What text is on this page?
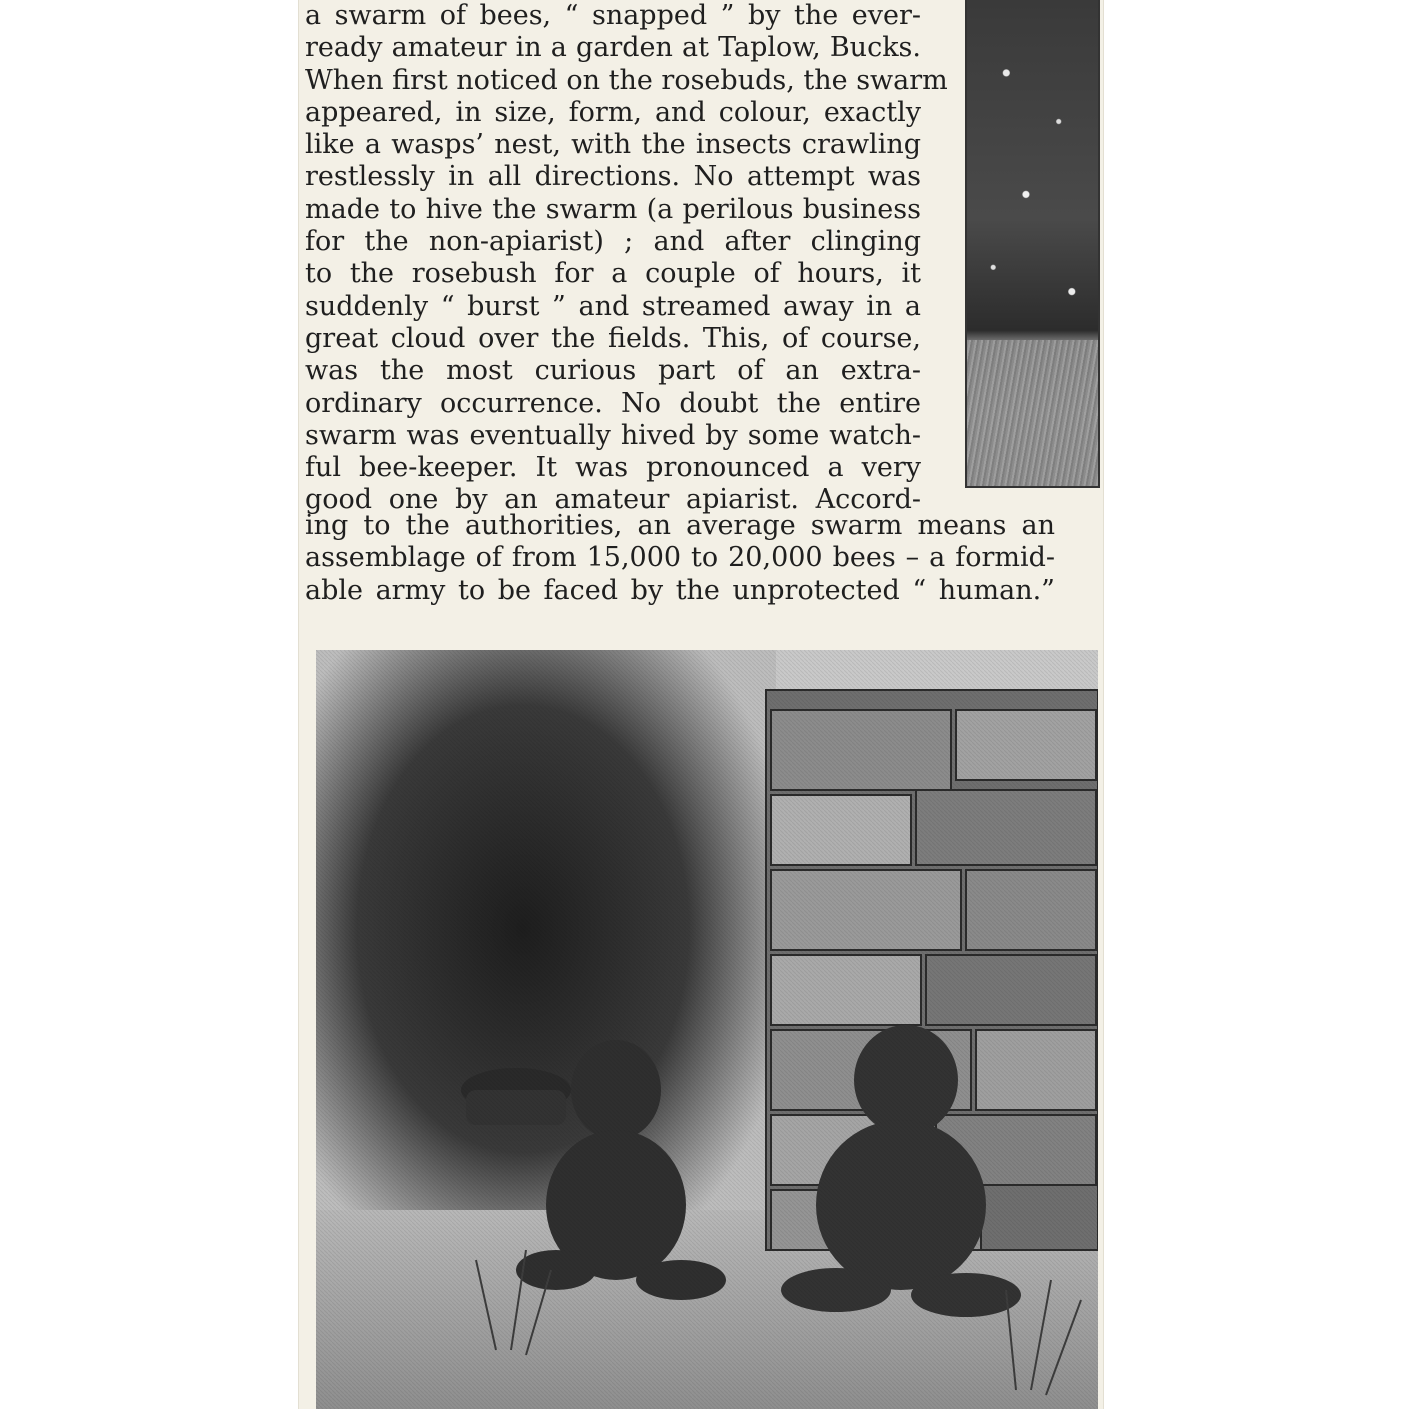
a swarm of bees, “ snapped ” by the ever-
ready amateur in a garden at Taplow, Bucks.
When first noticed on the rosebuds, the swarm
appeared, in size, form, and colour, exactly
like a wasps’ nest, with the insects crawling
restlessly in all directions. No attempt was
made to hive the swarm (a perilous business
for the non-apiarist) ; and after clinging
to the rosebush for a couple of hours, it
suddenly “ burst ” and streamed away in a
great cloud over the fields. This, of course,
was the most curious part of an extra-
ordinary occurrence. No doubt the entire
swarm was eventually hived by some watch-
ful bee-keeper. It was pronounced a very
good one by an amateur apiarist. Accord-
ing to the authorities, an average swarm means an
assemblage of from 15,000 to 20,000 bees – a formid-
able army to be faced by the unprotected “ human.”
